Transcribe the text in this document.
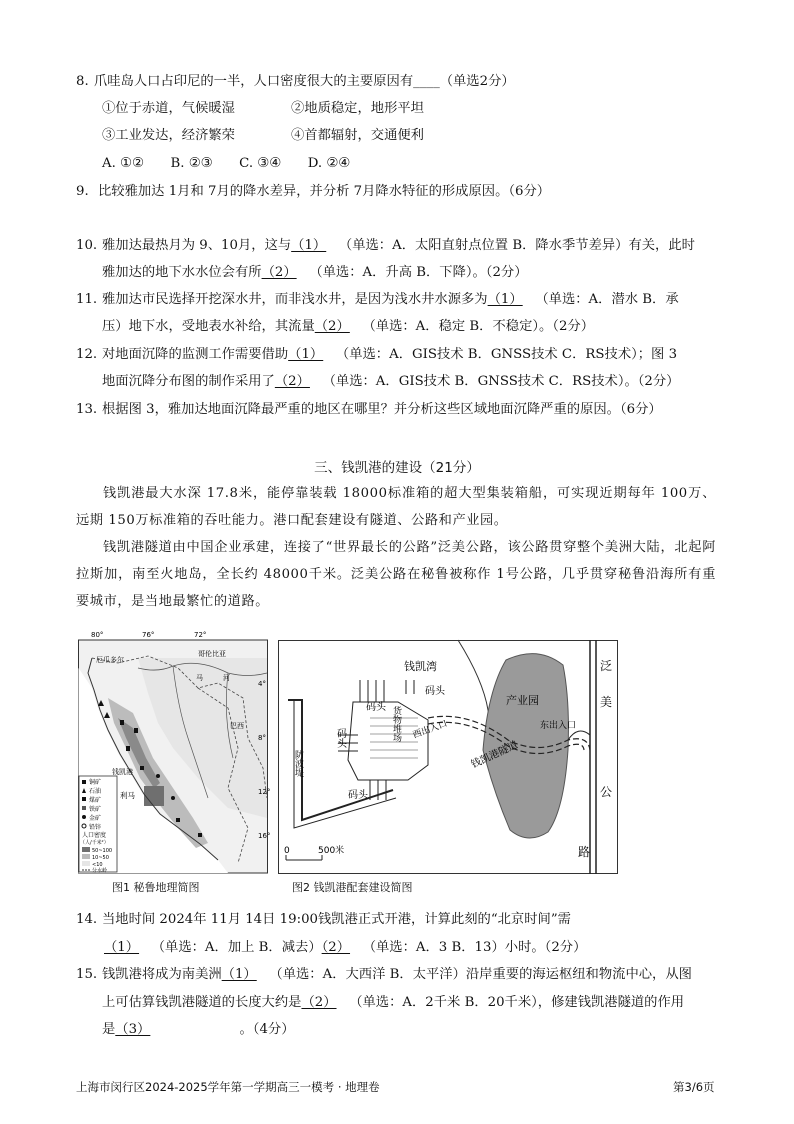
8. 爪哇岛人口占印尼的一半，人口密度很大的主要原因有____（单选2分）
①位于赤道，气候暖湿	②地质稳定，地形平坦
③工业发达，经济繁荣	④首都辐射，交通便利
A. ①②　　B. ②③　　C. ③④　　D. ②④
9. 比较雅加达 1月和 7月的降水差异，并分析 7月降水特征的形成原因。（6分）
10. 雅加达最热月为 9、10月，这与（1） （单选：A．太阳直射点位置 B．降水季节差异）有关，此时
雅加达的地下水水位会有所（2） （单选：A．升高 B．下降）。（2分）
11. 雅加达市民选择开挖深水井，而非浅水井，是因为浅水井水源多为（1） （单选：A．潜水 B．承
压）地下水，受地表水补给，其流量（2） （单选：A．稳定 B．不稳定）。（2分）
12. 对地面沉降的监测工作需要借助（1） （单选：A．GIS技术 B．GNSS技术 C．RS技术）；图 3
地面沉降分布图的制作采用了（2） （单选：A．GIS技术 B．GNSS技术 C．RS技术）。（2分）
13. 根据图 3，雅加达地面沉降最严重的地区在哪里？并分析这些区域地面沉降严重的原因。（6分）
三、钱凯港的建设（21分）
钱凯港最大水深 17.8米，能停靠装载 18000标准箱的超大型集装箱船，可实现近期每年 100万、远期 150万标准箱的吞吐能力。港口配套建设有隧道、公路和产业园。
钱凯港隧道由中国企业承建，连接了“世界最长的公路”泛美公路，该公路贯穿整个美洲大陆，北起阿拉斯加，南至火地岛，全长约 48000千米。泛美公路在秘鲁被称作 1号公路，几乎贯穿秘鲁沿海所有重要城市，是当地最繁忙的道路。
80°	76°	72°
4°
8°
12°
16°
厄瓜多尔
哥伦比亚
巴西
马	河
钱凯港
利马
铜矿
石油
煤矿
铁矿
金矿
铅锌
人口密度
（人/千米²）
50~100
10~50
<10
分水岭
图1 秘鲁地理简图
钱凯湾
码头
码头
码头
码头
货物堆场 西出入口
钱凯港隧道
产业园
东出入口
防波堤
泛
美
公
路
0	500米
图2 钱凯港配套建设简图
14. 当地时间 2024年 11月 14日 19:00钱凯港正式开港，计算此刻的“北京时间”需
（1） （单选：A．加上 B．减去）（2） （单选：A．3 B．13）小时。（2分）
15. 钱凯港将成为南美洲（1） （单选：A．大西洋 B．太平洋）沿岸重要的海运枢纽和物流中心，从图
上可估算钱凯港隧道的长度大约是（2） （单选：A．2千米 B．20千米），修建钱凯港隧道的作用
是（3）	。（4分）
上海市闵行区2024-2025学年第一学期高三一模考 · 地理卷	第3/6页
